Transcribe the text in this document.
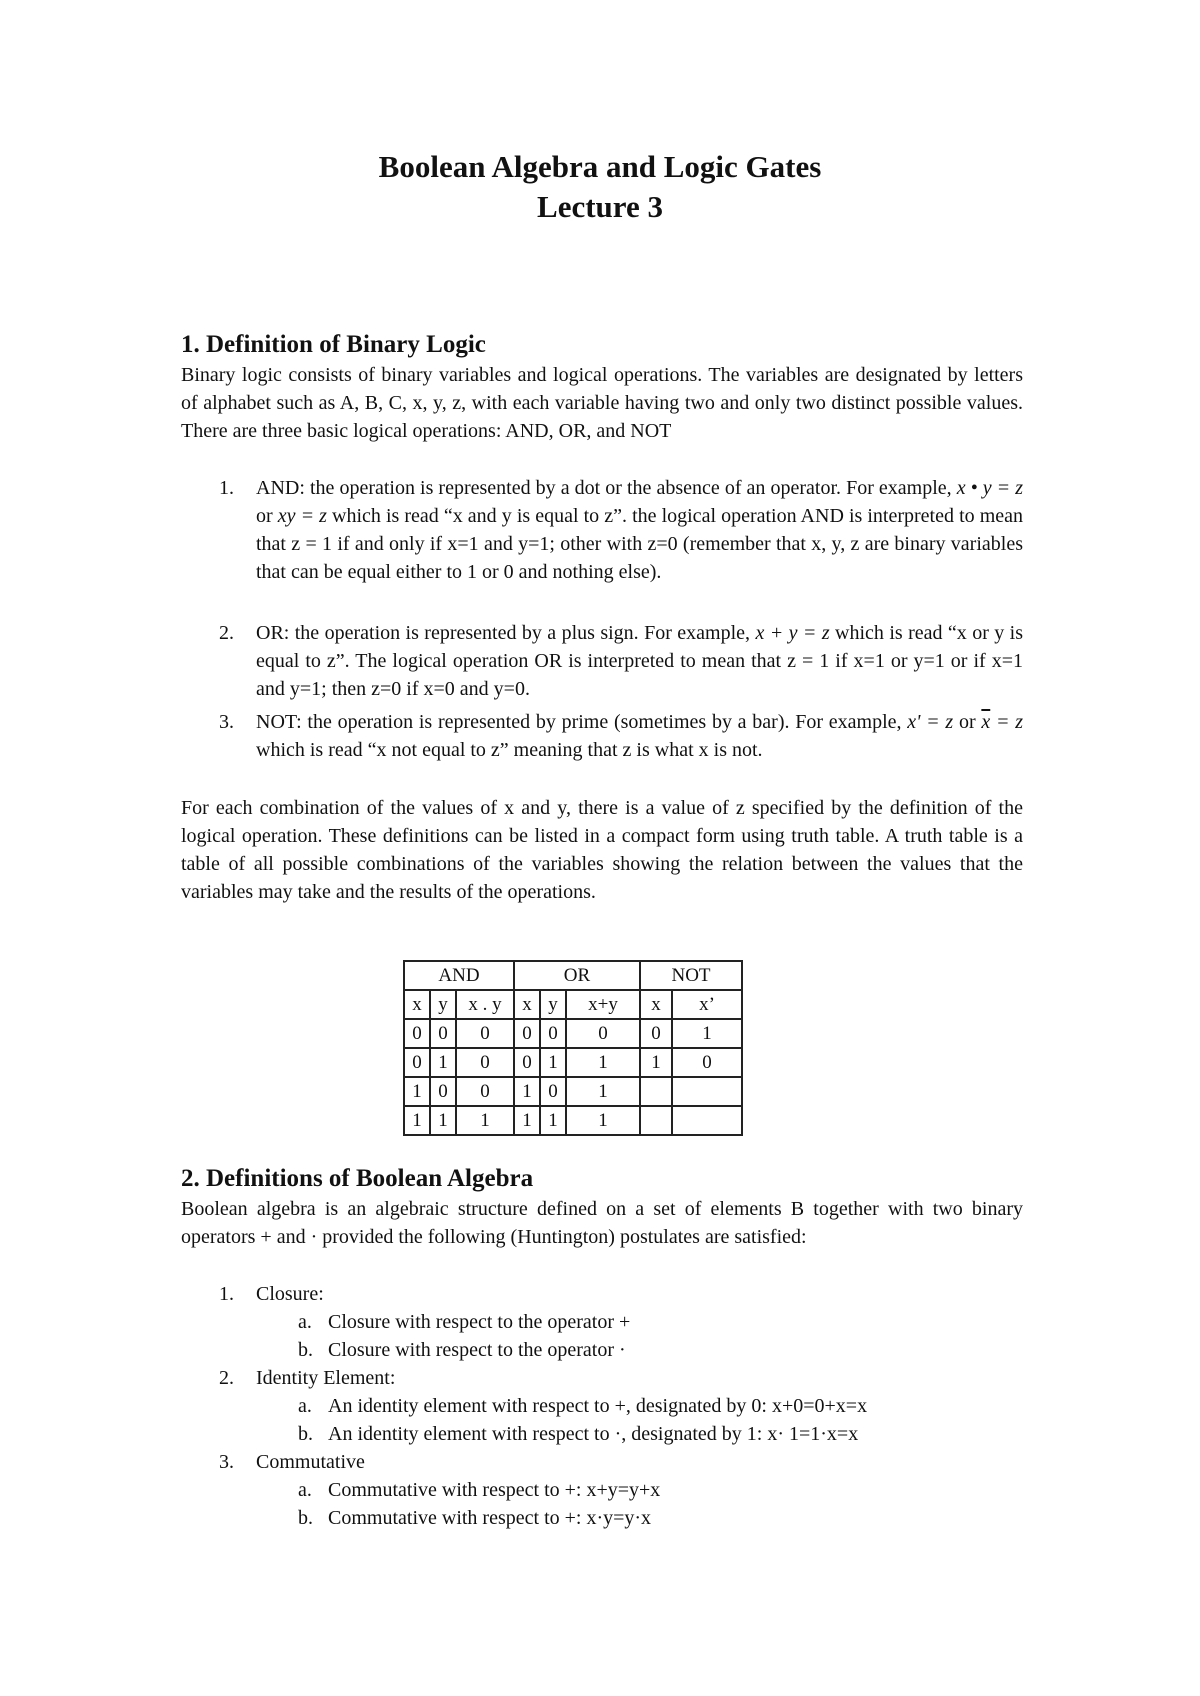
Boolean Algebra and Logic Gates
Lecture 3
1. Definition of Binary Logic
Binary logic consists of binary variables and logical operations. The variables are designated by letters of alphabet such as A, B, C, x, y, z, with each variable having two and only two distinct possible values. There are three basic logical operations: AND, OR, and NOT
1. AND: the operation is represented by a dot or the absence of an operator. For example, x • y = z or xy = z which is read “x and y is equal to z”. the logical operation AND is interpreted to mean that z = 1 if and only if x=1 and y=1; other with z=0 (remember that x, y, z are binary variables that can be equal either to 1 or 0 and nothing else).
2. OR: the operation is represented by a plus sign. For example, x + y = z which is read “x or y is equal to z”. The logical operation OR is interpreted to mean that z = 1 if x=1 or y=1 or if x=1 and y=1; then z=0 if x=0 and y=0.
3. NOT: the operation is represented by prime (sometimes by a bar). For example, x' = z or $\overline{x} = z$ which is read “x not equal to z” meaning that z is what x is not.
For each combination of the values of x and y, there is a value of z specified by the definition of the logical operation. These definitions can be listed in a compact form using truth table. A truth table is a table of all possible combinations of the variables showing the relation between the values that the variables may take and the results of the operations.
AND			OR			NOT	
x	y	x . y	x	y	x+y	x	x’
0	0	0	0	0	0	0	1
0	1	0	0	1	1	1	0
1	0	0	1	0	1		
1	1	1	1	1	1		
2. Definitions of Boolean Algebra
Boolean algebra is an algebraic structure defined on a set of elements B together with two binary operators + and · provided the following (Huntington) postulates are satisfied:
1. Closure:
a. Closure with respect to the operator +
b. Closure with respect to the operator ·
2. Identity Element:
a. An identity element with respect to +, designated by 0: x+0=0+x=x
b. An identity element with respect to ·, designated by 1: x· 1=1·x=x
3. Commutative
a. Commutative with respect to +: x+y=y+x
b. Commutative with respect to +: x·y=y·x
